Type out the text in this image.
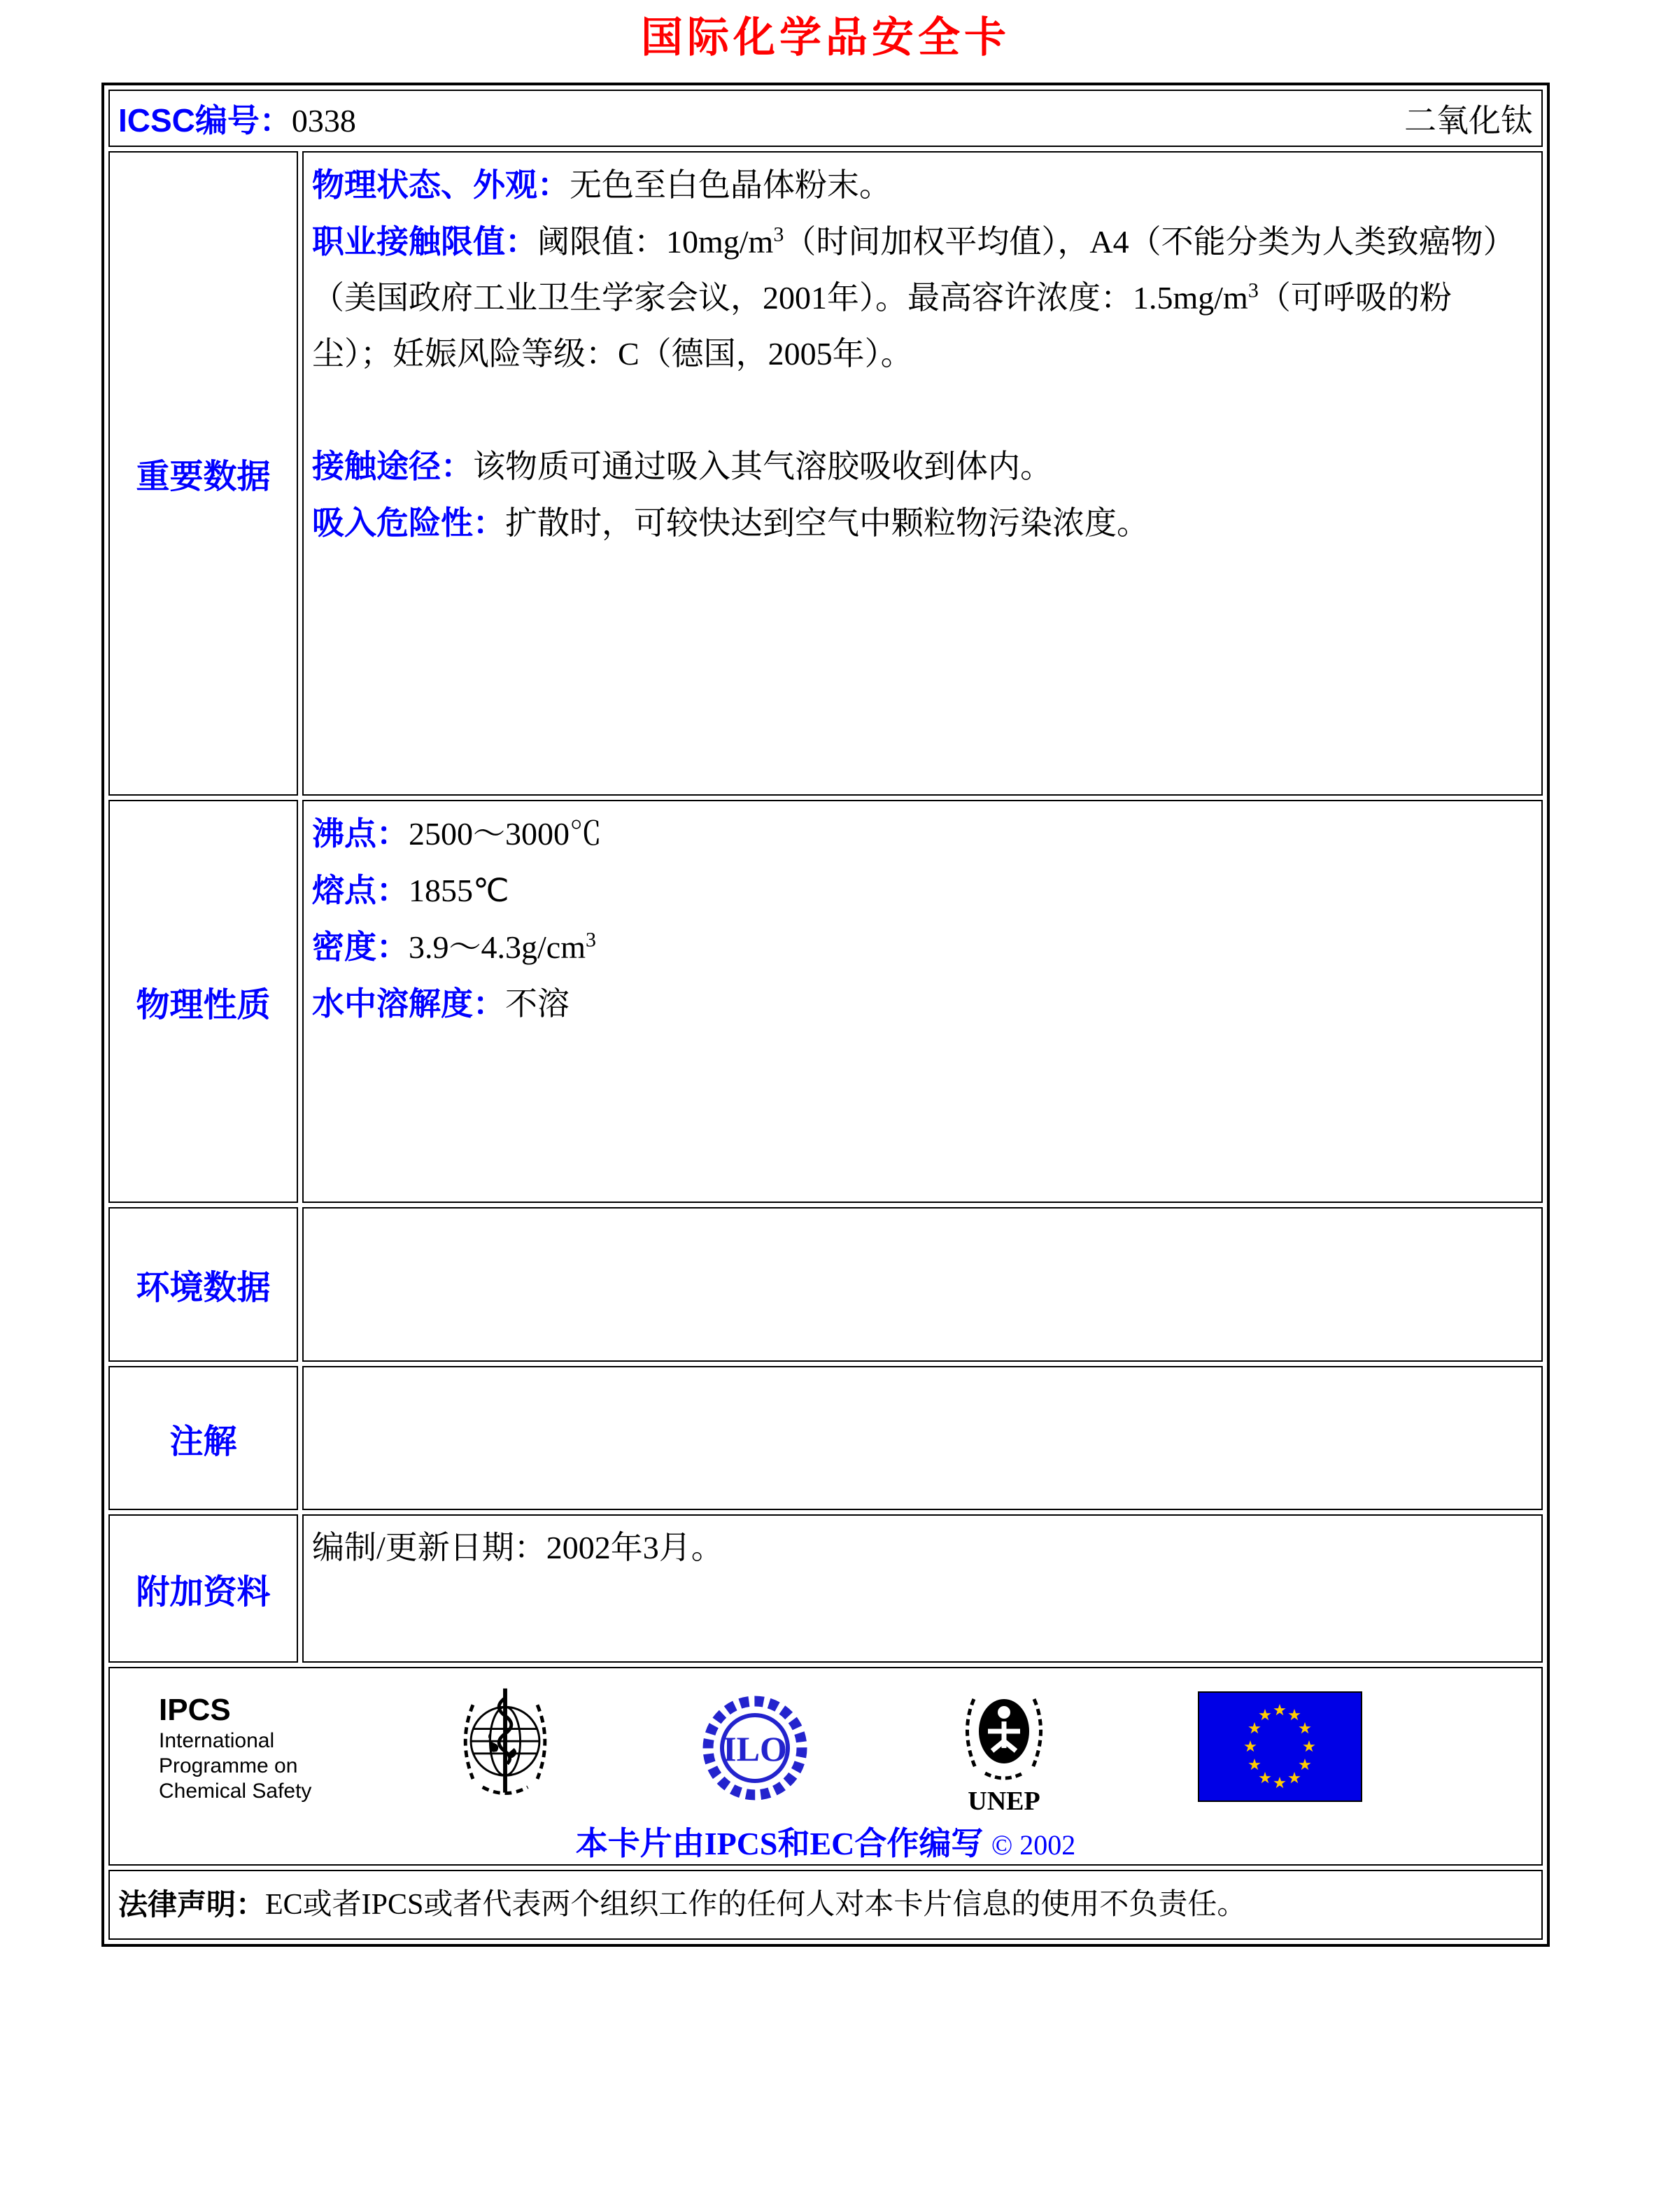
国际化学品安全卡
ICSC编号：0338 二氧化钛	

重要数据	物理状态、外观：无色至白色晶体粉末。
职业接触限值：阈限值：$10mg/m^3$（时间加权平均值），A4（不能分类为人类致癌物）（美国政府工业卫生学家会议，2001年）。最高容许浓度：$1.5mg/m^3$（可呼吸的粉尘）；妊娠风险等级：C（德国，2005年）。
接触途径：该物质可通过吸入其气溶胶吸收到体内。
吸入危险性：扩散时，可较快达到空气中颗粒物污染浓度。

物理性质	沸点：2500～3000℃
熔点：1855℃
密度：$3.9\sim 4.3g/cm^3$
水中溶解度：不溶

环境数据	
注解	
附加资料	编制/更新日期：2002年3月。

IPCS
International
Programme on
Chemical Safety
ILO
UNEP
本卡片由IPCS和EC合作编写 © 2002

法律声明： EC或者IPCS或者代表两个组织工作的任何人对本卡片信息的使用不负责任。	
